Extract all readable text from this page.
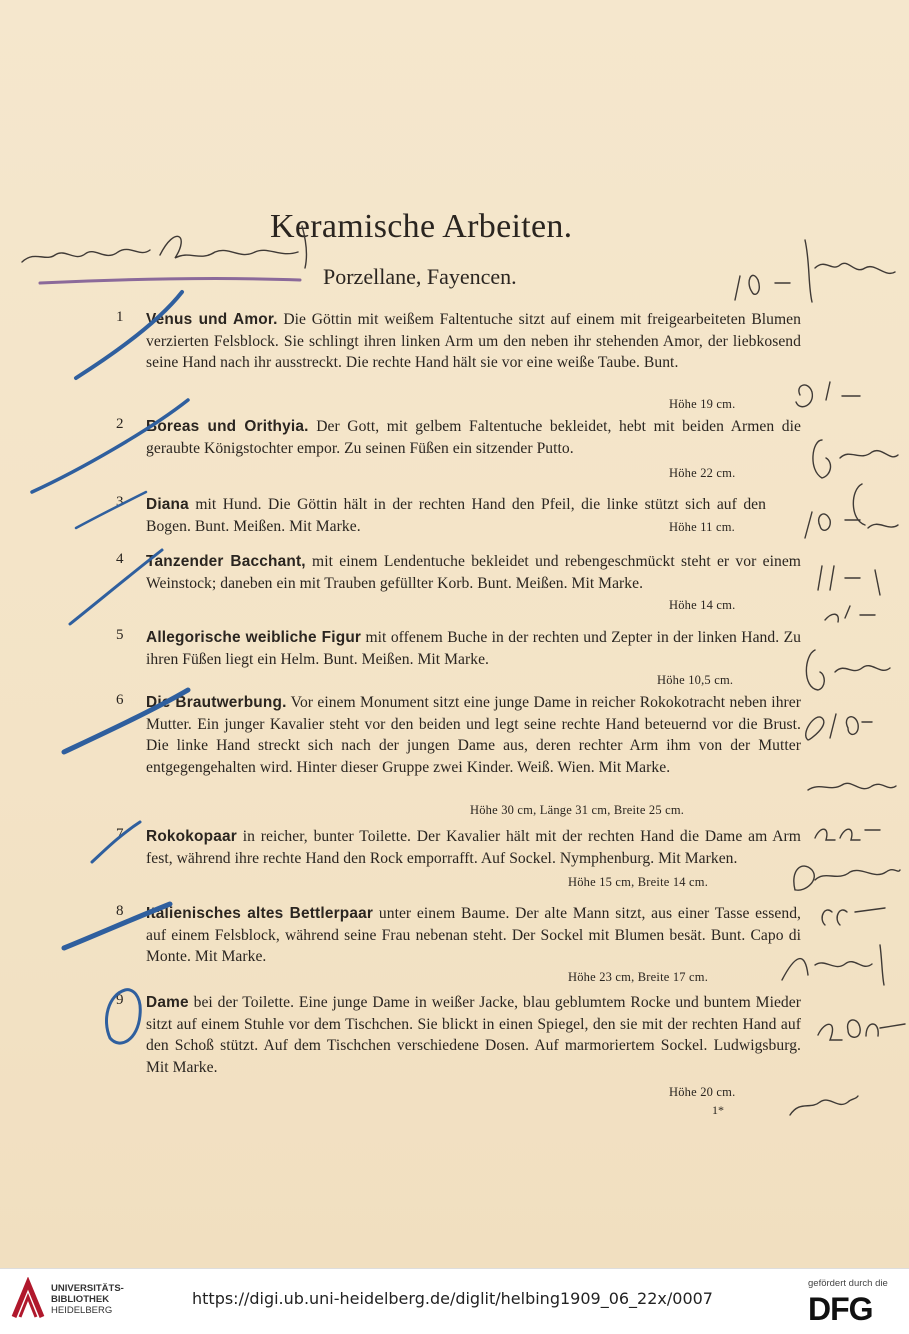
Keramische Arbeiten.
Porzellane, Fayencen.
1 Venus und Amor. Die Göttin mit weißem Faltentuche sitzt auf einem mit freigearbeiteten Blumen verzierten Felsblock. Sie schlingt ihren linken Arm um den neben ihr stehenden Amor, der liebkosend seine Hand nach ihr ausstreckt. Die rechte Hand hält sie vor eine weiße Taube. Bunt.
Höhe 19 cm.
2 Boreas und Orithyia. Der Gott, mit gelbem Faltentuche bekleidet, hebt mit beiden Armen die geraubte Königstochter empor. Zu seinen Füßen ein sitzender Putto.
Höhe 22 cm.
3 Diana mit Hund. Die Göttin hält in der rechten Hand den Pfeil, die linke stützt sich auf den Bogen. Bunt. Meißen. Mit Marke.	Höhe 11 cm.
4 Tanzender Bacchant, mit einem Lendentuche bekleidet und rebengeschmückt steht er vor einem Weinstock; daneben ein mit Trauben gefüllter Korb. Bunt. Meißen. Mit Marke.
Höhe 14 cm.
5 Allegorische weibliche Figur mit offenem Buche in der rechten und Zepter in der linken Hand. Zu ihren Füßen liegt ein Helm. Bunt. Meißen. Mit Marke.
Höhe 10,5 cm.
6 Die Brautwerbung. Vor einem Monument sitzt eine junge Dame in reicher Rokokotracht neben ihrer Mutter. Ein junger Kavalier steht vor den beiden und legt seine rechte Hand beteuernd vor die Brust. Die linke Hand streckt sich nach der jungen Dame aus, deren rechter Arm ihm von der Mutter entgegengehalten wird. Hinter dieser Gruppe zwei Kinder. Weiß. Wien. Mit Marke.
Höhe 30 cm, Länge 31 cm, Breite 25 cm.
7 Rokokopaar in reicher, bunter Toilette. Der Kavalier hält mit der rechten Hand die Dame am Arm fest, während ihre rechte Hand den Rock emporrafft. Auf Sockel. Nymphenburg. Mit Marken.
Höhe 15 cm, Breite 14 cm.
8 Italienisches altes Bettlerpaar unter einem Baume. Der alte Mann sitzt, aus einer Tasse essend, auf einem Felsblock, während seine Frau nebenan steht. Der Sockel mit Blumen besät. Bunt. Capo di Monte. Mit Marke.
Höhe 23 cm, Breite 17 cm.
9 Dame bei der Toilette. Eine junge Dame in weißer Jacke, blau geblumtem Rocke und buntem Mieder sitzt auf einem Stuhle vor dem Tischchen. Sie blickt in einen Spiegel, den sie mit der rechten Hand auf den Schoß stützt. Auf dem Tischchen verschiedene Dosen. Auf marmoriertem Sockel. Ludwigsburg. Mit Marke.
Höhe 20 cm.
1*
UNIVERSITÄTS-
BIBLIOTHEK
HEIDELBERG
https://digi.ub.uni-heidelberg.de/diglit/helbing1909_06_22x/0007
gefördert durch die
DFG
